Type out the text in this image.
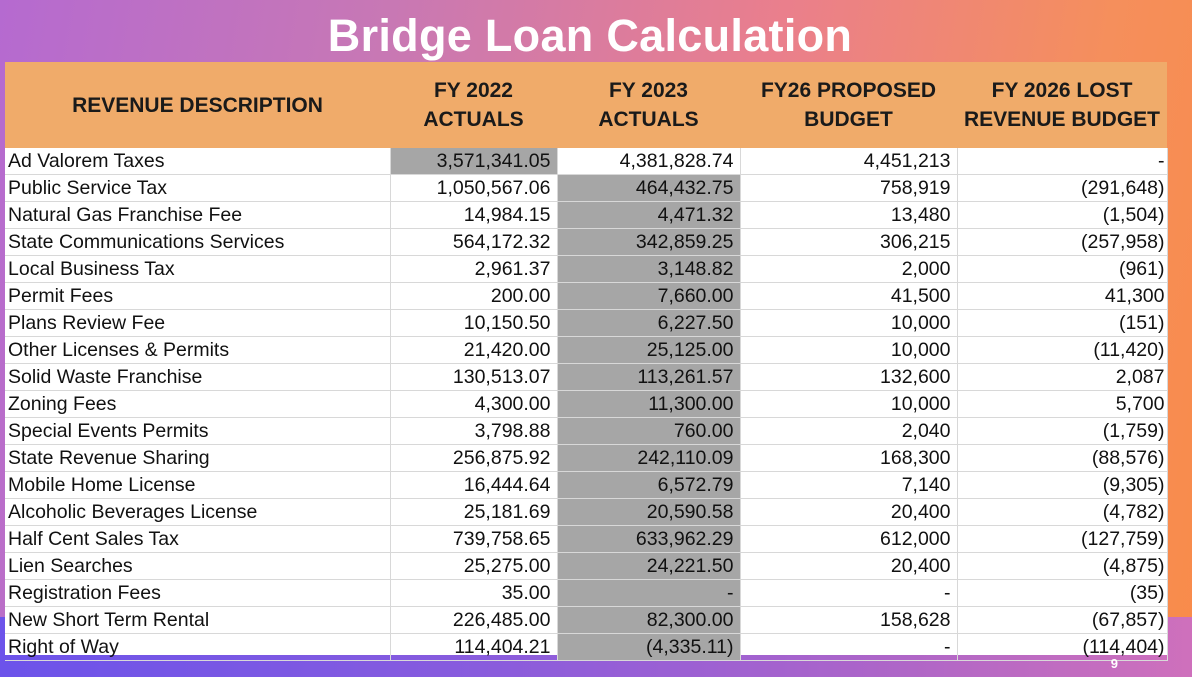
Bridge Loan Calculation
REVENUE DESCRIPTION	FY 2022 ACTUALS	FY 2023 ACTUALS	FY26 PROPOSED BUDGET	FY 2026 LOST REVENUE BUDGET
Ad Valorem Taxes	3,571,341.05	4,381,828.74	4,451,213	-
Public Service Tax	1,050,567.06	464,432.75	758,919	(291,648)
Natural Gas Franchise Fee	14,984.15	4,471.32	13,480	(1,504)
State Communications Services	564,172.32	342,859.25	306,215	(257,958)
Local Business Tax	2,961.37	3,148.82	2,000	(961)
Permit Fees	200.00	7,660.00	41,500	41,300
Plans Review Fee	10,150.50	6,227.50	10,000	(151)
Other Licenses & Permits	21,420.00	25,125.00	10,000	(11,420)
Solid Waste Franchise	130,513.07	113,261.57	132,600	2,087
Zoning Fees	4,300.00	11,300.00	10,000	5,700
Special Events Permits	3,798.88	760.00	2,040	(1,759)
State Revenue Sharing	256,875.92	242,110.09	168,300	(88,576)
Mobile Home License	16,444.64	6,572.79	7,140	(9,305)
Alcoholic Beverages License	25,181.69	20,590.58	20,400	(4,782)
Half Cent Sales Tax	739,758.65	633,962.29	612,000	(127,759)
Lien Searches	25,275.00	24,221.50	20,400	(4,875)
Registration Fees	35.00	-	-	(35)
New Short Term Rental	226,485.00	82,300.00	158,628	(67,857)
Right of Way	114,404.21	(4,335.11)	-	(114,404)
9
